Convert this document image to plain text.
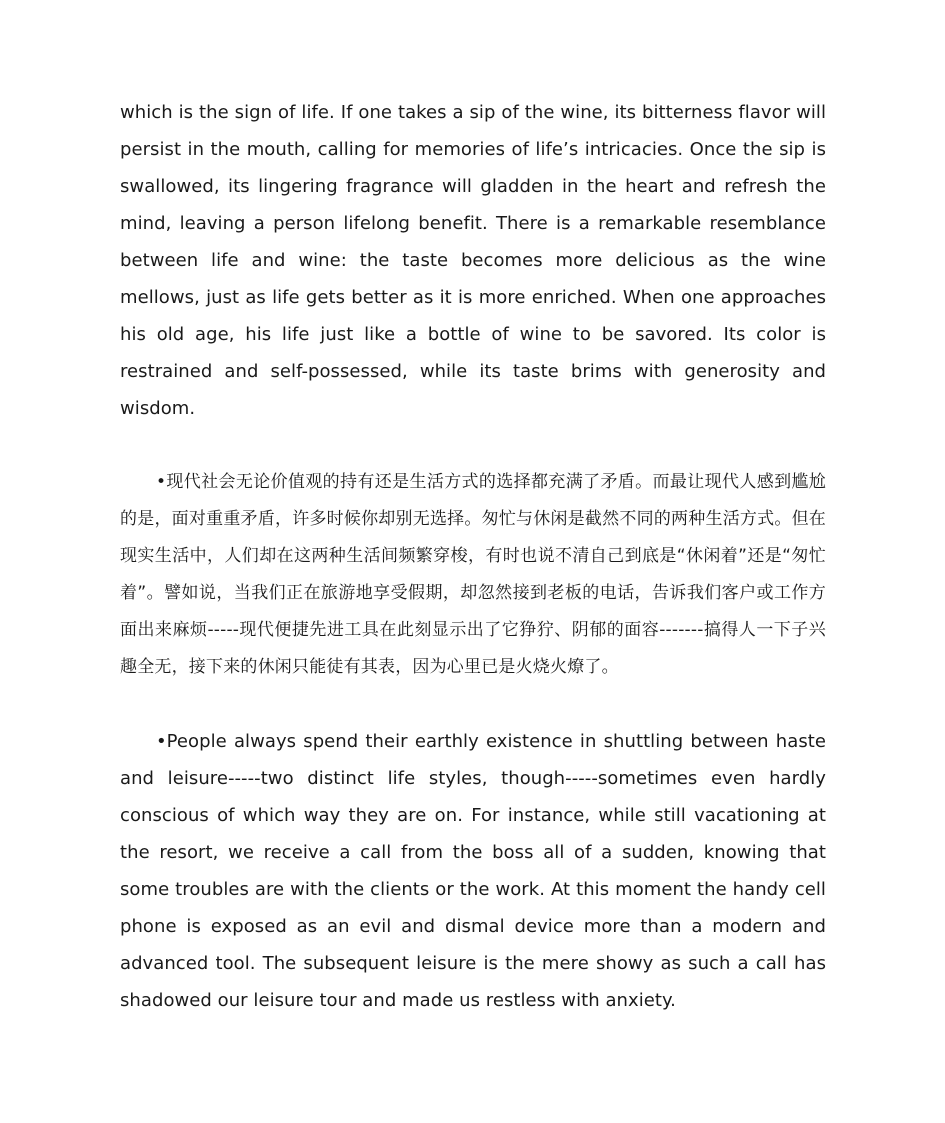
which is the sign of life. If one takes a sip of the wine, its bitterness flavor will persist in the mouth, calling for memories of life’s intricacies. Once the sip is swallowed, its lingering fragrance will gladden in the heart and refresh the mind, leaving a person lifelong benefit. There is a remarkable resemblance between life and wine: the taste becomes more delicious as the wine mellows, just as life gets better as it is more enriched. When one approaches his old age, his life just like a bottle of wine to be savored. Its color is restrained and self-possessed, while its taste brims with generosity and wisdom.

•现代社会无论价值观的持有还是生活方式的选择都充满了矛盾。而最让现代人感到尴尬的是，面对重重矛盾，许多时候你却别无选择。匆忙与休闲是截然不同的两种生活方式。但在现实生活中，人们却在这两种生活间频繁穿梭，有时也说不清自己到底是“休闲着”还是“匆忙着”。譬如说，当我们正在旅游地享受假期，却忽然接到老板的电话，告诉我们客户或工作方面出来麻烦-----现代便捷先进工具在此刻显示出了它狰狞、阴郁的面容-------搞得人一下子兴趣全无，接下来的休闲只能徒有其表，因为心里已是火烧火燎了。

•People always spend their earthly existence in shuttling between haste and leisure-----two distinct life styles, though-----sometimes even hardly conscious of which way they are on. For instance, while still vacationing at the resort, we receive a call from the boss all of a sudden, knowing that some troubles are with the clients or the work. At this moment the handy cell phone is exposed as an evil and dismal device more than a modern and advanced tool. The subsequent leisure is the mere showy as such a call has shadowed our leisure tour and made us restless with anxiety.
